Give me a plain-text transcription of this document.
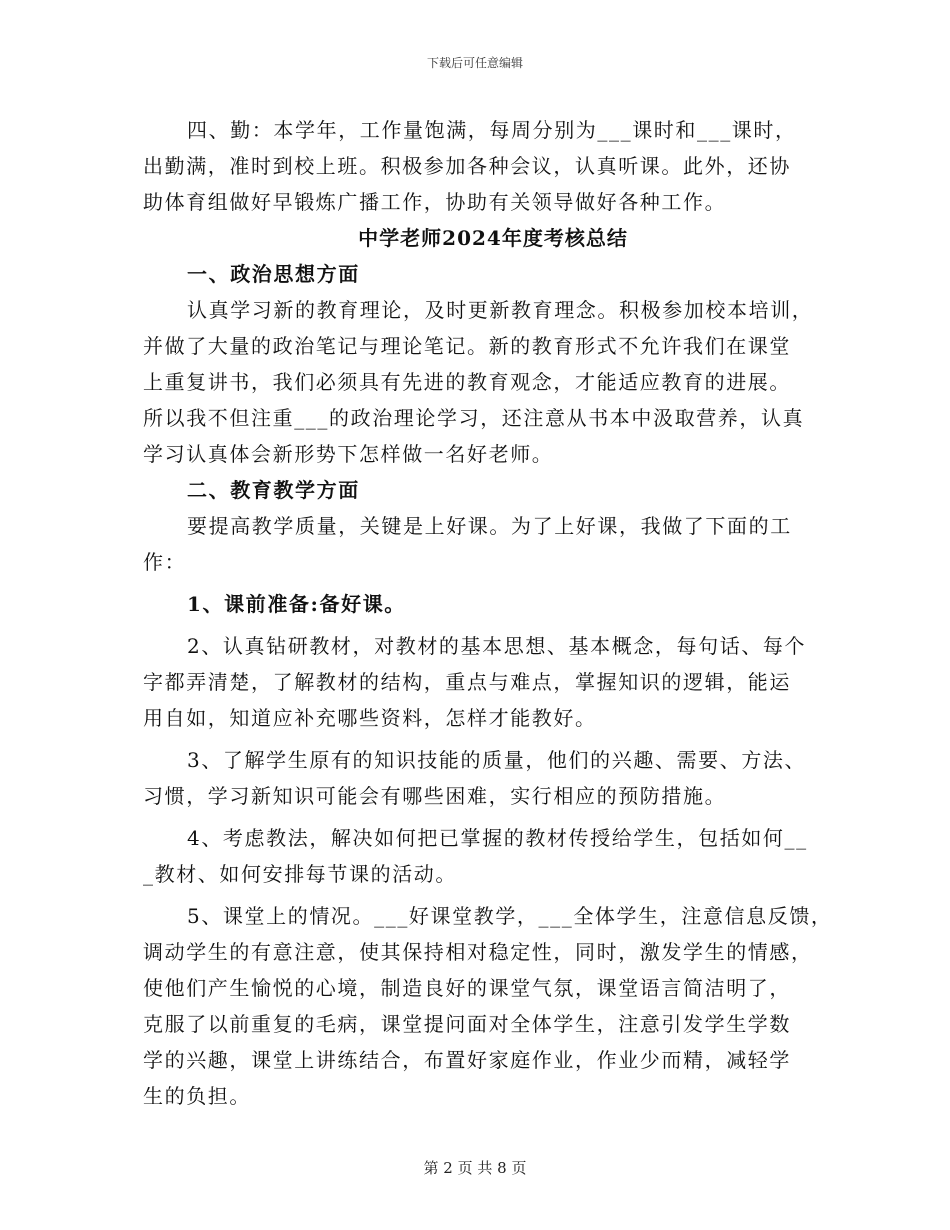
下载后可任意编辑
四、勤：本学年，工作量饱满，每周分别为___课时和___课时，
出勤满，准时到校上班。积极参加各种会议，认真听课。此外，还协
助体育组做好早锻炼广播工作，协助有关领导做好各种工作。
中学老师2024年度考核总结
一、政治思想方面
认真学习新的教育理论，及时更新教育理念。积极参加校本培训，
并做了大量的政治笔记与理论笔记。新的教育形式不允许我们在课堂
上重复讲书，我们必须具有先进的教育观念，才能适应教育的进展。
所以我不但注重___的政治理论学习，还注意从书本中汲取营养，认真
学习认真体会新形势下怎样做一名好老师。
二、教育教学方面
要提高教学质量，关键是上好课。为了上好课，我做了下面的工
作：
1、课前准备:备好课。
2、认真钻研教材，对教材的基本思想、基本概念，每句话、每个
字都弄清楚，了解教材的结构，重点与难点，掌握知识的逻辑，能运
用自如，知道应补充哪些资料，怎样才能教好。
3、了解学生原有的知识技能的质量，他们的兴趣、需要、方法、
习惯，学习新知识可能会有哪些困难，实行相应的预防措施。
4、考虑教法，解决如何把已掌握的教材传授给学生，包括如何__
_教材、如何安排每节课的活动。
5、课堂上的情况。___好课堂教学，___全体学生，注意信息反馈，
调动学生的有意注意，使其保持相对稳定性，同时，激发学生的情感，
使他们产生愉悦的心境，制造良好的课堂气氛，课堂语言简洁明了，
克服了以前重复的毛病，课堂提问面对全体学生，注意引发学生学数
学的兴趣，课堂上讲练结合，布置好家庭作业，作业少而精，减轻学
生的负担。
第 2 页 共 8 页
